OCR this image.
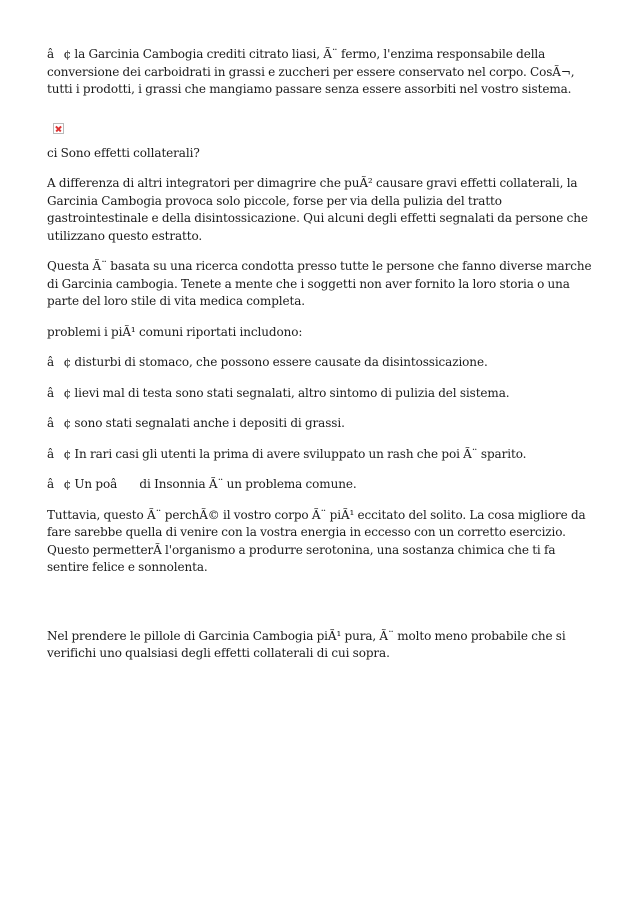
â¢ la Garcinia Cambogia crediti citrato liasi, Ã¨ fermo, l'enzima responsabile della conversione dei carboidrati in grassi e zuccheri per essere conservato nel corpo. CosÃ¬, tutti i prodotti, i grassi che mangiamo passare senza essere assorbiti nel vostro sistema.

ci Sono effetti collaterali?

A differenza di altri integratori per dimagrire che puÃ² causare gravi effetti collaterali, la Garcinia Cambogia provoca solo piccole, forse per via della pulizia del tratto gastrointestinale e della disintossicazione. Qui alcuni degli effetti segnalati da persone che utilizzano questo estratto.

Questa Ã¨ basata su una ricerca condotta presso tutte le persone che fanno diverse marche di Garcinia cambogia. Tenete a mente che i soggetti non aver fornito la loro storia o una parte del loro stile di vita medica completa.

problemi i piÃ¹ comuni riportati includono:

â¢ disturbi di stomaco, che possono essere causate da disintossicazione.

â¢ lievi mal di testa sono stati segnalati, altro sintomo di pulizia del sistema.

â¢ sono stati segnalati anche i depositi di grassi.

â¢ In rari casi gli utenti la prima di avere sviluppato un rash che poi Ã¨ sparito.

â¢ Un poâ di Insonnia Ã¨ un problema comune.

Tuttavia, questo Ã¨ perchÃ© il vostro corpo Ã¨ piÃ¹ eccitato del solito. La cosa migliore da fare sarebbe quella di venire con la vostra energia in eccesso con un corretto esercizio. Questo permetterÃ l'organismo a produrre serotonina, una sostanza chimica che ti fa sentire felice e sonnolenta.

Nel prendere le pillole di Garcinia Cambogia piÃ¹ pura, Ã¨ molto meno probabile che si verifichi uno qualsiasi degli effetti collaterali di cui sopra.
